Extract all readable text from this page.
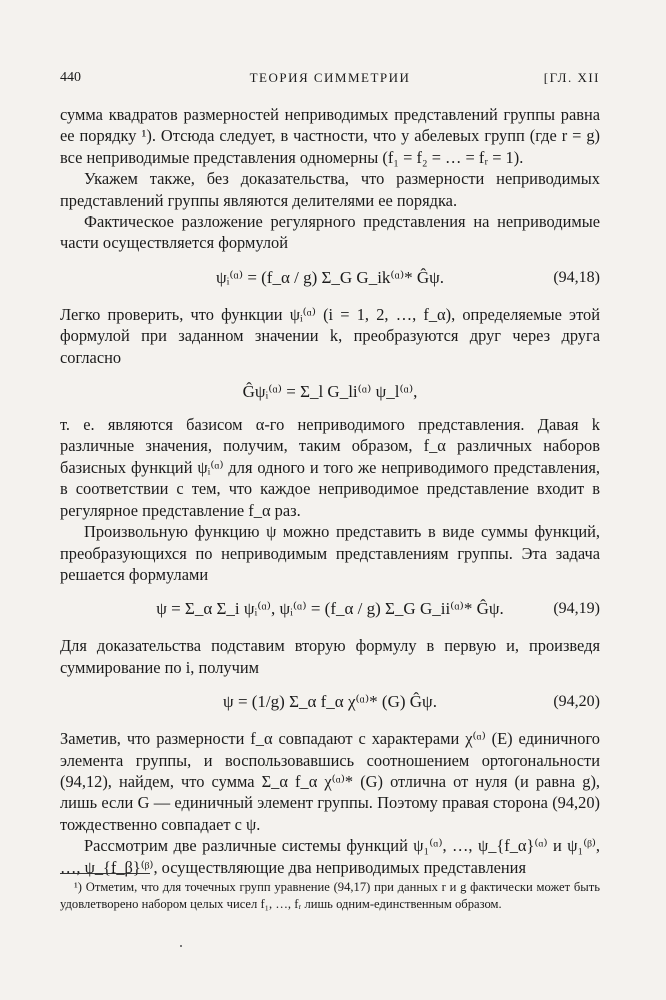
440	ТЕОРИЯ СИММЕТРИИ	[ГЛ. XII

сумма квадратов размерностей неприводимых представлений группы равна ее порядку ¹). Отсюда следует, в частности, что у абелевых групп (где r = g) все неприводимые представления одномерны (f₁ = f₂ = … = fᵣ = 1).

Укажем также, без доказательства, что размерности неприводимых представлений группы являются делителями ее порядка.

Фактическое разложение регулярного представления на неприводимые части осуществляется формулой

ψᵢ⁽ᵅ⁾ = (f_α / g) Σ_G G_ik⁽ᵅ⁾* Ĝψ.	(94,18)

Легко проверить, что функции ψᵢ⁽ᵅ⁾ (i = 1, 2, …, f_α), определяемые этой формулой при заданном значении k, преобразуются друг через друга согласно

Ĝψᵢ⁽ᵅ⁾ = Σ_l G_li⁽ᵅ⁾ ψ_l⁽ᵅ⁾,

т. е. являются базисом α-го неприводимого представления. Давая k различные значения, получим, таким образом, f_α различных наборов базисных функций ψᵢ⁽ᵅ⁾ для одного и того же неприводимого представления, в соответствии с тем, что каждое неприводимое представление входит в регулярное представление f_α раз.

Произвольную функцию ψ можно представить в виде суммы функций, преобразующихся по неприводимым представлениям группы. Эта задача решается формулами

ψ = Σ_α Σ_i ψᵢ⁽ᵅ⁾, ψᵢ⁽ᵅ⁾ = (f_α / g) Σ_G G_ii⁽ᵅ⁾* Ĝψ.	(94,19)

Для доказательства подставим вторую формулу в первую и, произведя суммирование по i, получим

ψ = (1/g) Σ_α f_α χ⁽ᵅ⁾* (G) Ĝψ.	(94,20)

Заметив, что размерности f_α совпадают с характерами χ⁽ᵅ⁾ (E) единичного элемента группы, и воспользовавшись соотношением ортогональности (94,12), найдем, что сумма Σ_α f_α χ⁽ᵅ⁾* (G) отлична от нуля (и равна g), лишь если G — единичный элемент группы. Поэтому правая сторона (94,20) тождественно совпадает с ψ.

Рассмотрим две различные системы функций ψ₁⁽ᵅ⁾, …, ψ_{f_α}⁽ᵅ⁾ и ψ₁⁽ᵝ⁾, …, ψ_{f_β}⁽ᵝ⁾, осуществляющие два неприводимых представления

¹) Отметим, что для точечных групп уравнение (94,17) при данных r и g фактически может быть удовлетворено набором целых чисел f₁, …, fᵣ лишь одним-единственным образом.
